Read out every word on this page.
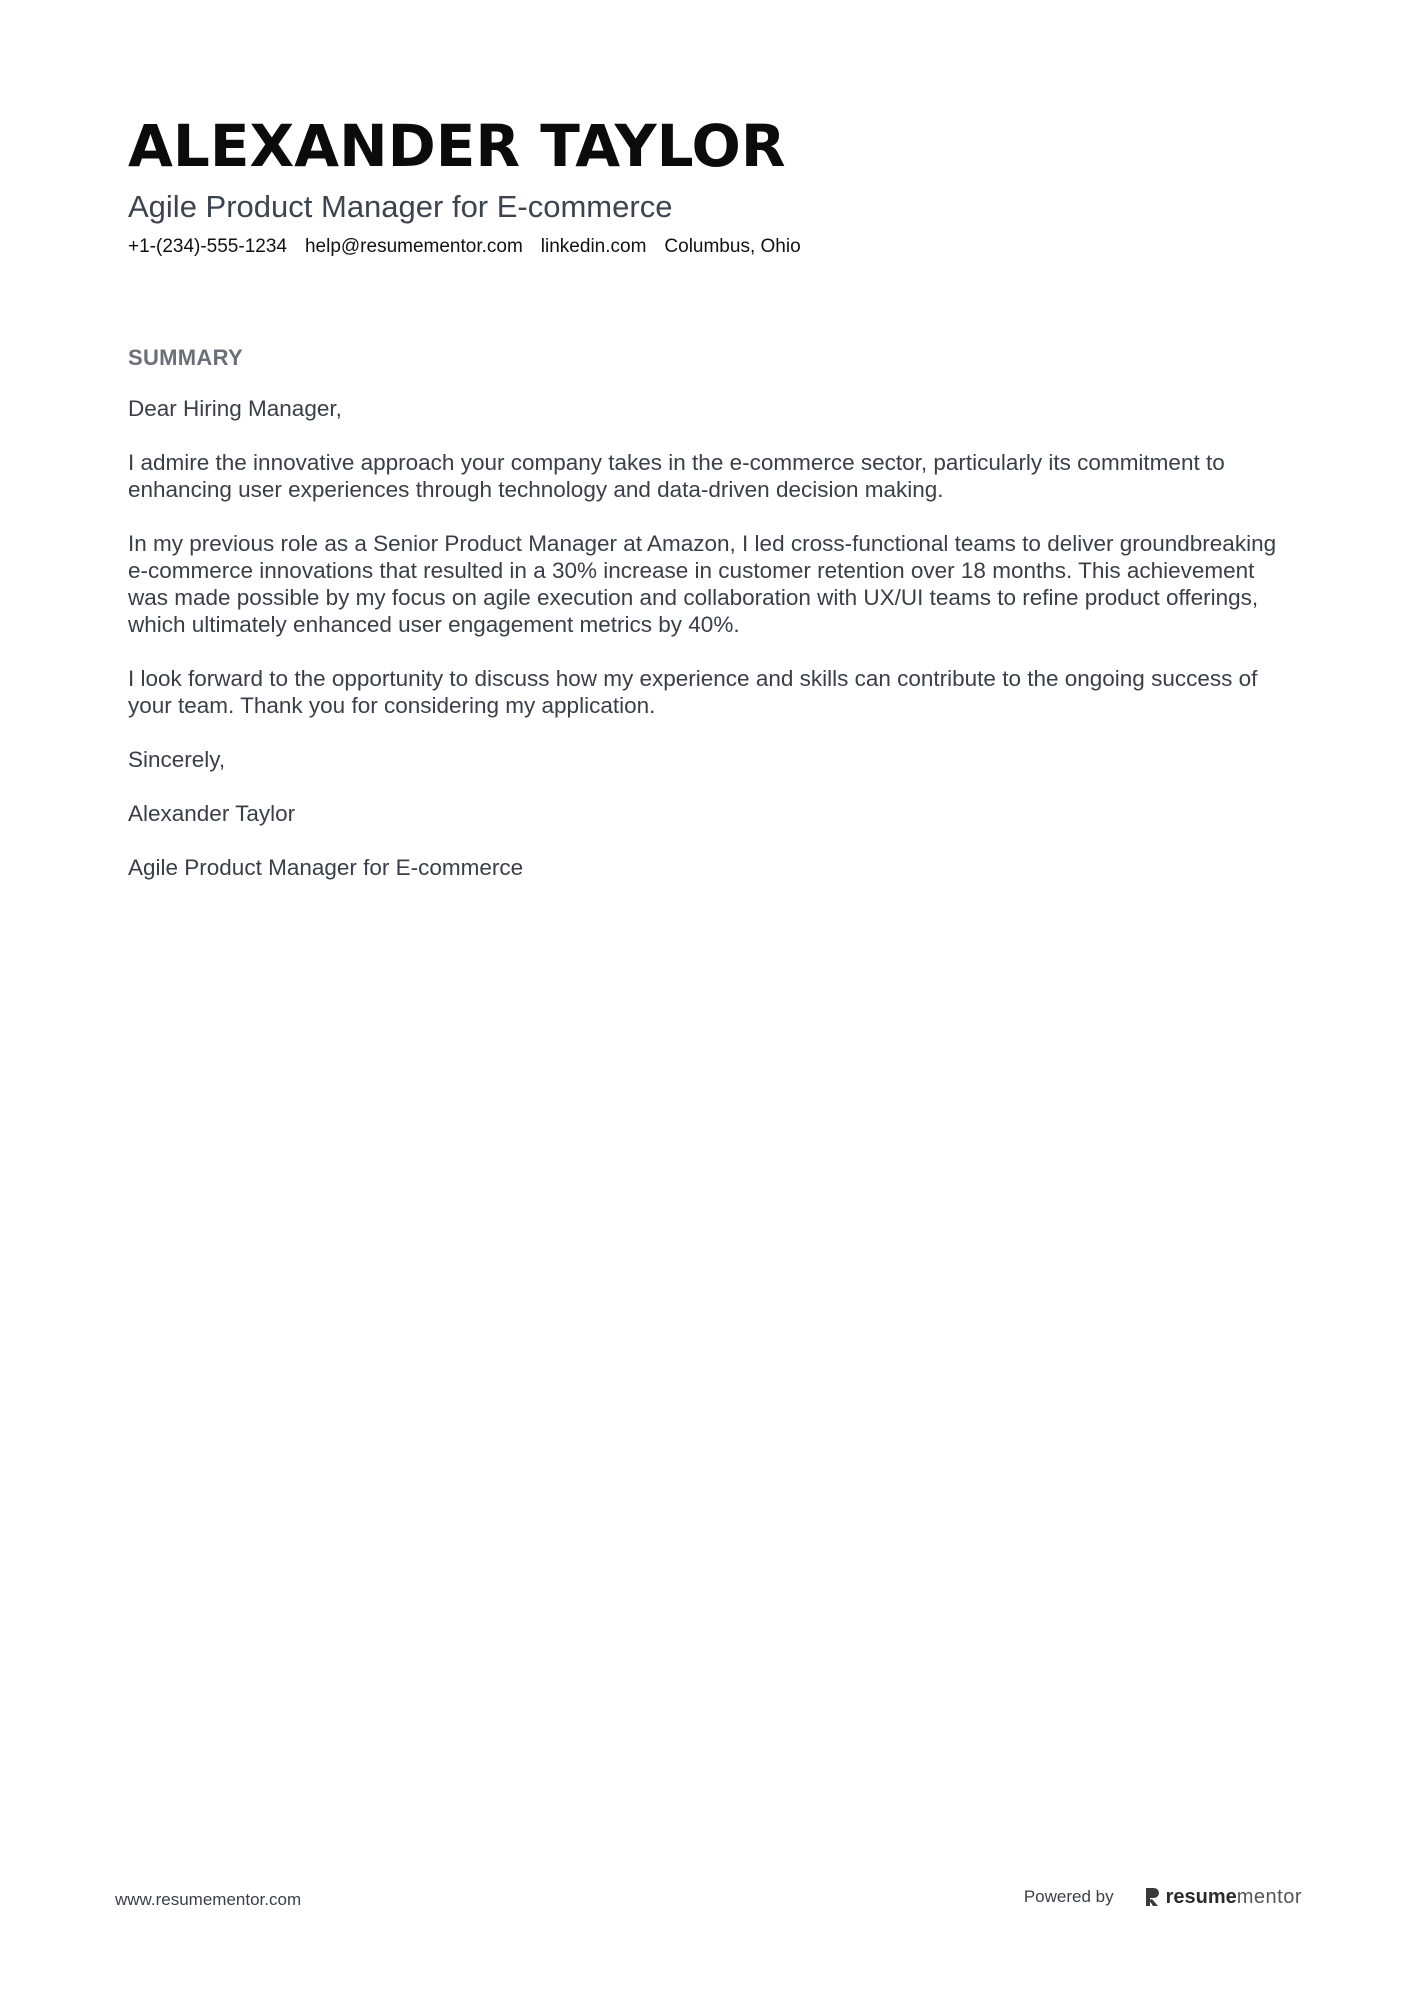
ALEXANDER TAYLOR
Agile Product Manager for E-commerce
+1-(234)-555-1234 help@resumementor.com linkedin.com Columbus, Ohio
SUMMARY

Dear Hiring Manager,

I admire the innovative approach your company takes in the e-commerce sector, particularly its commitment to enhancing user experiences through technology and data-driven decision making.

In my previous role as a Senior Product Manager at Amazon, I led cross-functional teams to deliver groundbreaking e-commerce innovations that resulted in a 30% increase in customer retention over 18 months. This achievement was made possible by my focus on agile execution and collaboration with UX/UI teams to refine product offerings, which ultimately enhanced user engagement metrics by 40%.

I look forward to the opportunity to discuss how my experience and skills can contribute to the ongoing success of your team. Thank you for considering my application.

Sincerely,

Alexander Taylor

Agile Product Manager for E-commerce

www.resumementor.com	Powered by	resume mentor
